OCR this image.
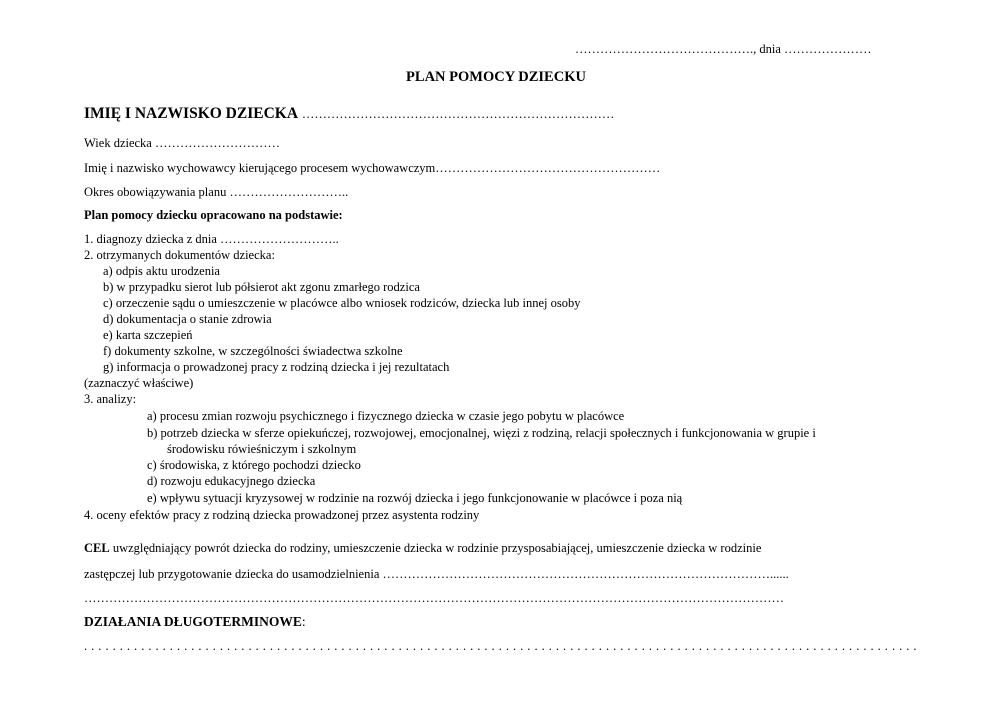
……………………………………., dnia …………………
PLAN POMOCY DZIECKU
IMIĘ I NAZWISKO DZIECKA …………………………………………………………………
Wiek dziecka …………………………
Imię i nazwisko wychowawcy kierującego procesem wychowawczym………………………………………………
Okres obowiązywania planu ………………………..
Plan pomocy dziecku opracowano na podstawie:
1. diagnozy dziecka z dnia ………………………..
2. otrzymanych dokumentów dziecka:
a) odpis aktu urodzenia
b) w przypadku sierot lub półsierot akt zgonu zmarłego rodzica
c) orzeczenie sądu o umieszczenie w placówce albo wniosek rodziców, dziecka lub innej osoby
d) dokumentacja o stanie zdrowia
e) karta szczepień
f) dokumenty szkolne, w szczególności świadectwa szkolne
g) informacja o prowadzonej pracy z rodziną dziecka i jej rezultatach
(zaznaczyć właściwe)
3. analizy:
a) procesu zmian rozwoju psychicznego i fizycznego dziecka w czasie jego pobytu w placówce
b) potrzeb dziecka w sferze opiekuńczej, rozwojowej, emocjonalnej, więzi z rodziną, relacji społecznych i funkcjonowania w grupie i
środowisku rówieśniczym i szkolnym
c) środowiska, z którego pochodzi dziecko
d) rozwoju edukacyjnego dziecka
e) wpływu sytuacji kryzysowej w rodzinie na rozwój dziecka i jego funkcjonowanie w placówce i poza nią
4. oceny efektów pracy z rodziną dziecka prowadzonej przez asystenta rodziny
CEL uwzględniający powrót dziecka do rodziny, umieszczenie dziecka w rodzinie przysposabiającej, umieszczenie dziecka w rodzinie
zastępczej lub przygotowanie dziecka do usamodzielnienia …………………………………………………………………………………......
……………………………………………………………………………………………………………………………………………………
DZIAŁANIA DŁUGOTERMINOWE:
. . . . . . . . . . . . . . . . . . . . . . . . . . . . . . . . . . . . . . . . . . . . . . . . . . . . . . . . . . . . . . . . . . . . . . . . . . . . . . . . . . . . . . . . . . . . . . . . . . . . . . . . . . . . . . . . . . . . .
